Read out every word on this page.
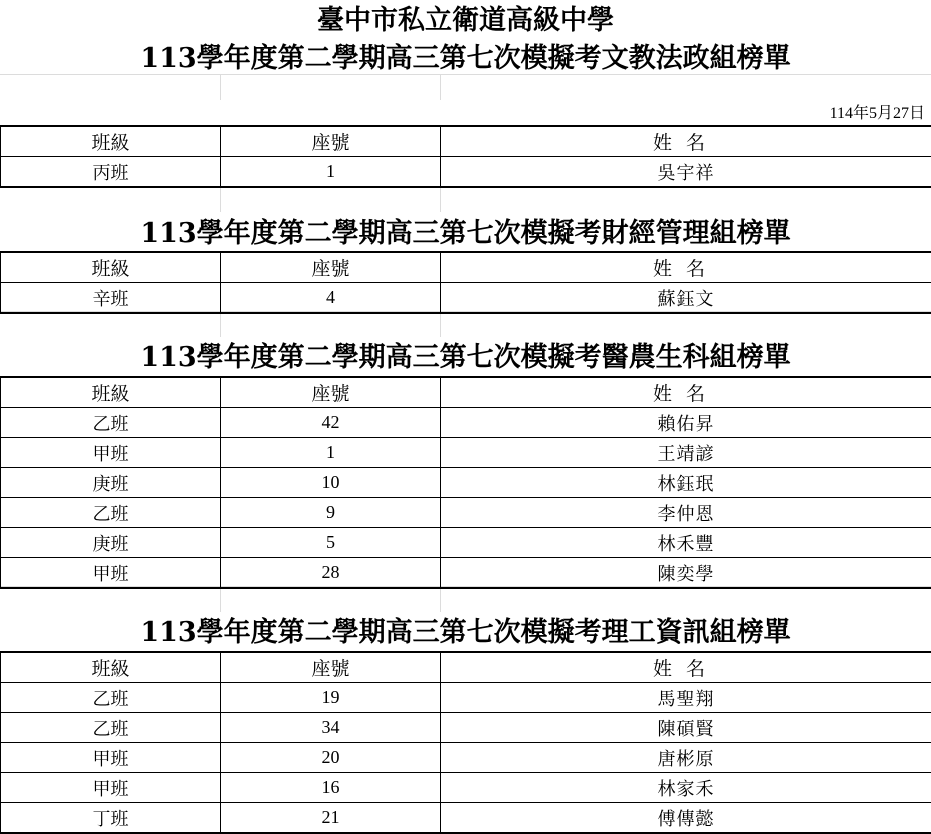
臺中市私立衛道高級中學
113學年度第二學期高三第七次模擬考文教法政組榜單
114年5月27日
班級	座號	姓名
丙班	1	吳宇祥
113學年度第二學期高三第七次模擬考財經管理組榜單
班級	座號	姓名
辛班	4	蘇鈺文
113學年度第二學期高三第七次模擬考醫農生科組榜單
班級	座號	姓名
乙班	42	賴佑昇
甲班	1	王靖諺
庚班	10	林鈺珉
乙班	9	李仲恩
庚班	5	林禾豐
甲班	28	陳奕學
113學年度第二學期高三第七次模擬考理工資訊組榜單
班級	座號	姓名
乙班	19	馬聖翔
乙班	34	陳碩賢
甲班	20	唐彬原
甲班	16	林家禾
丁班	21	傅傳懿
